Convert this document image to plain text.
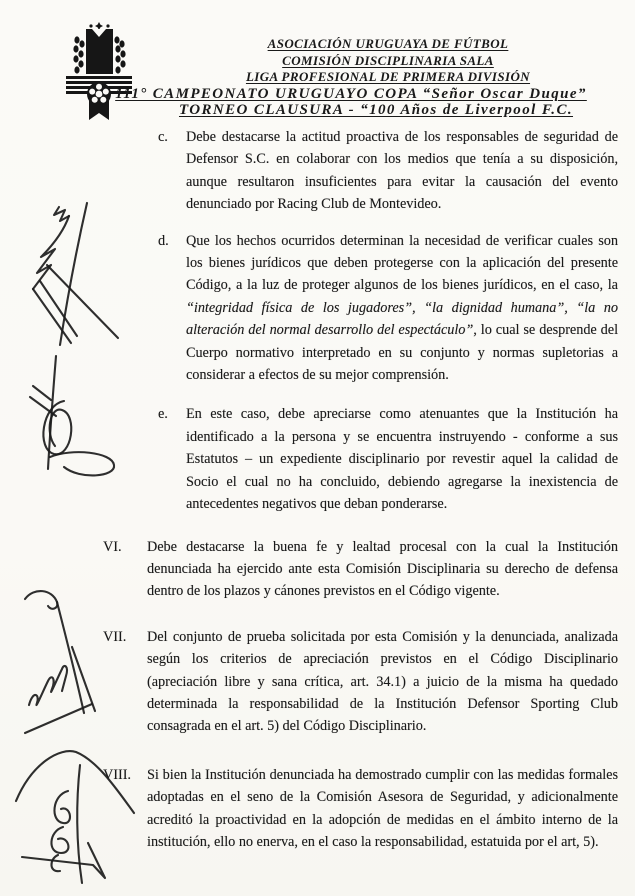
ASOCIACIÓN URUGUAYA DE FÚTBOL
COMISIÓN DISCIPLINARIA SALA
LIGA PROFESIONAL DE PRIMERA DIVISIÓN
111° CAMPEONATO URUGUAYO COPA “Señor Oscar Duque”
TORNEO CLAUSURA - “100 Años de Liverpool F.C.
c.	Debe destacarse la actitud proactiva de los responsables de seguridad de Defensor S.C. en colaborar con los medios que tenía a su disposición, aunque resultaron insuficientes para evitar la causación del evento denunciado por Racing Club de Montevideo.

d.	Que los hechos ocurridos determinan la necesidad de verificar cuales son los bienes jurídicos que deben protegerse con la aplicación del presente Código, a la luz de proteger algunos de los bienes jurídicos, en el caso, la “integridad física de los jugadores”, “la dignidad humana”, “la no alteración del normal desarrollo del espectáculo”, lo cual se desprende del Cuerpo normativo interpretado en su conjunto y normas supletorias a considerar a efectos de su mejor comprensión.

e.	En este caso, debe apreciarse como atenuantes que la Institución ha identificado a la persona y se encuentra instruyendo - conforme a sus Estatutos – un expediente disciplinario por revestir aquel la calidad de Socio el cual no ha concluido, debiendo agregarse la inexistencia de antecedentes negativos que deban ponderarse.

VI.	Debe destacarse la buena fe y lealtad procesal con la cual la Institución denunciada ha ejercido ante esta Comisión Disciplinaria su derecho de defensa dentro de los plazos y cánones previstos en el Código vigente.

VII.	Del conjunto de prueba solicitada por esta Comisión y la denunciada, analizada según los criterios de apreciación previstos en el Código Disciplinario (apreciación libre y sana crítica, art. 34.1) a juicio de la misma ha quedado determinada la responsabilidad de la Institución Defensor Sporting Club consagrada en el art. 5) del Código Disciplinario.

VIII.	Si bien la Institución denunciada ha demostrado cumplir con las medidas formales adoptadas en el seno de la Comisión Asesora de Seguridad, y adicionalmente acreditó la proactividad en la adopción de medidas en el ámbito interno de la institución, ello no enerva, en el caso la responsabilidad, estatuida por el art, 5).
